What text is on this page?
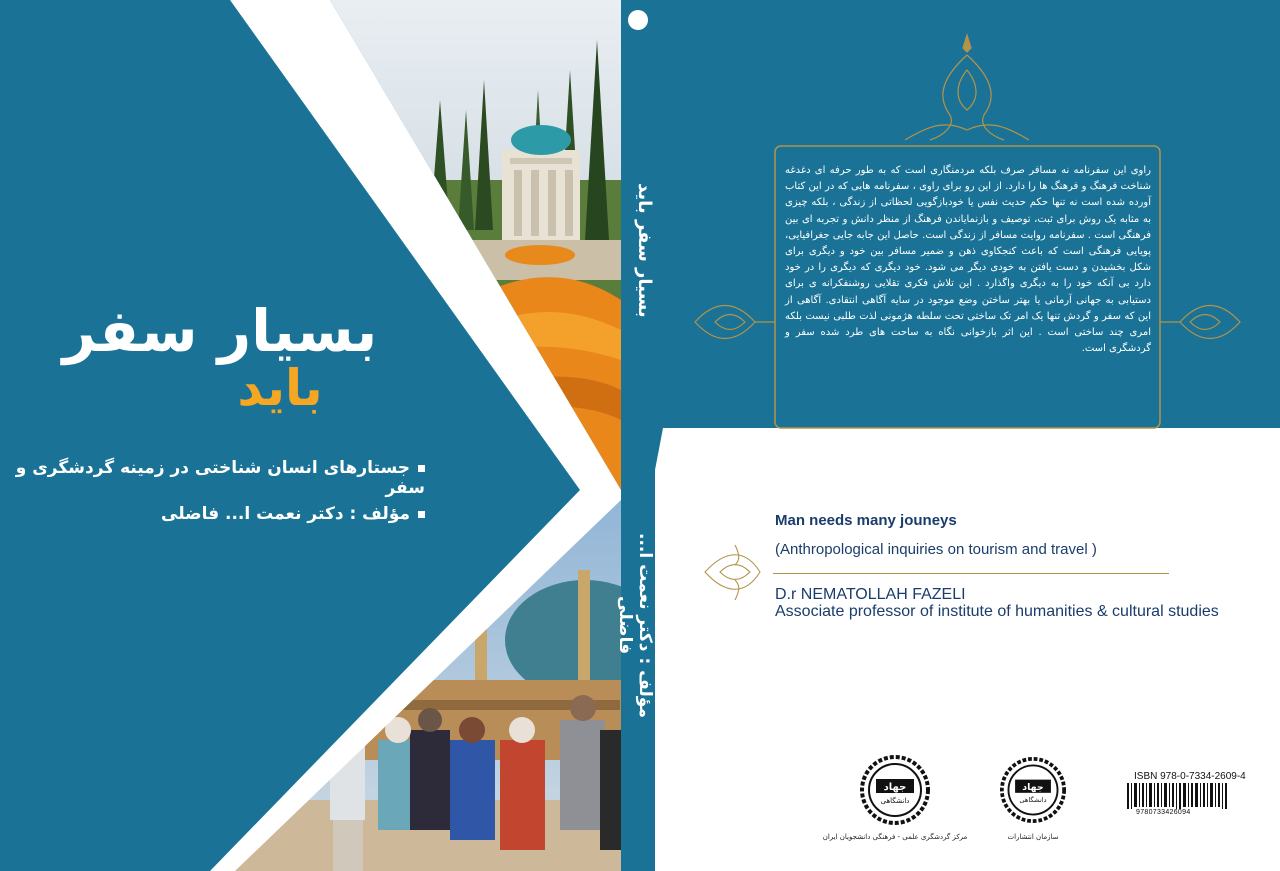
بسیار سفر
باید
جستارهای انسان شناختی در زمینه گردشگری و سفر
مؤلف : دکتر نعمت ا... فاضلی
بسیار سفر باید
مؤلف : دکتر نعمت ا... فاضلی
راوی این سفرنامه نه مسافر صرف بلکه مردمنگاری است که به طور حرفه ای دغدغه شناخت فرهنگ و فرهنگ ها را دارد. از این رو برای راوی ، سفرنامه هایی که در این کتاب آورده شده است نه تنها حکم حدیث نفس یا خودبازگویی لحظاتی از زندگی ، بلکه چیزی به مثابه یک روش برای ثبت، توصیف و بازنمایاندن فرهنگ از منظر دانش و تجربه ای بین فرهنگی است . سفرنامه روایت مسافر از زندگی است. حاصل این جابه جایی جغرافیایی، پویایی فرهنگی است که باعث کنجکاوی ذهن و ضمیر مسافر بین خود و دیگری برای شکل بخشیدن و دست یافتن به خودی دیگر می شود. خود دیگری که دیگری را در خود دارد بی آنکه خود را به دیگری واگذارد . این تلاش فکری تقلایی روشنفکرانه ی برای دستیابی به جهانی آرمانی یا بهتر ساختن وضع موجود در سایه آگاهی انتقادی. آگاهی از این که سفر و گردش تنها یک امر تک ساختی تحت سلطه هژمونی لذت طلبی نیست بلکه امری چند ساختی است . این اثر بازخوانی نگاه به ساحت های طرد شده سفر و گردشگری است.
Man needs many jouneys
(Anthropological inquiries on tourism and travel )
D.r NEMATOLLAH FAZELI
Associate professor of institute of humanities & cultural studies
جهاد
دانشگاهی
مرکز گردشگری علمی - فرهنگی دانشجویان ایران
جهاد
دانشگاهی
سازمان انتشارات
ISBN 978-0-7334-2609-4
9780733426094
